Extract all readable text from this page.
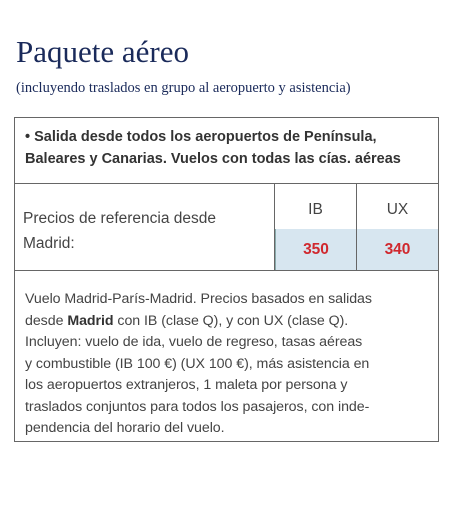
Paquete aéreo
(incluyendo traslados en grupo al aeropuerto y asistencia)
• Salida desde todos los aeropuertos de Península,
Baleares y Canarias. Vuelos con todas las cías. aéreas
Precios de referencia desde
Madrid:
IB
350
UX
340
Vuelo Madrid-París-Madrid. Precios basados en salidas
desde Madrid con IB (clase Q), y con UX (clase Q).
Incluyen: vuelo de ida, vuelo de regreso, tasas aéreas
y combustible (IB 100 €) (UX 100 €), más asistencia en
los aeropuertos extranjeros, 1 maleta por persona y
traslados conjuntos para todos los pasajeros, con inde-
pendencia del horario del vuelo.
